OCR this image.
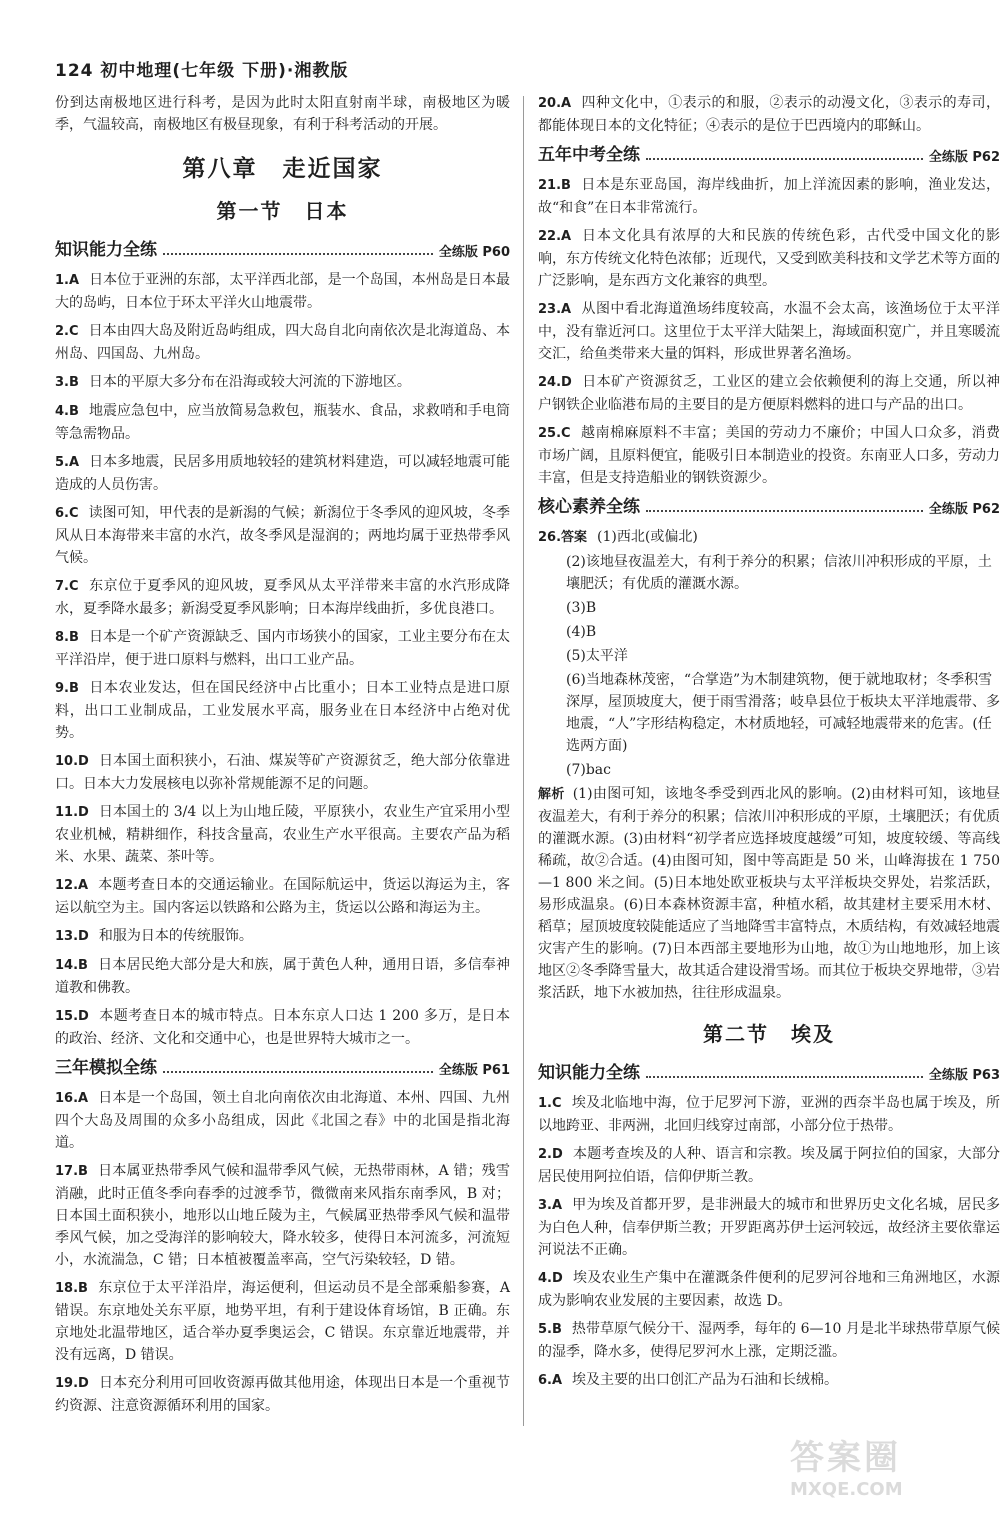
124 初中地理(七年级 下册)·湘教版

份到达南极地区进行科考，是因为此时太阳直射南半球，南极地区为暖季，气温较高，南极地区有极昼现象，有利于科考活动的开展。

第八章　走近国家
第一节　日本
知识能力全练	全练版 P60

1.A 日本位于亚洲的东部，太平洋西北部，是一个岛国，本州岛是日本最大的岛屿，日本位于环太平洋火山地震带。

2.C 日本由四大岛及附近岛屿组成，四大岛自北向南依次是北海道岛、本州岛、四国岛、九州岛。

3.B 日本的平原大多分布在沿海或较大河流的下游地区。

4.B 地震应急包中，应当放简易急救包，瓶装水、食品，求救哨和手电筒等急需物品。

5.A 日本多地震，民居多用质地较轻的建筑材料建造，可以减轻地震可能造成的人员伤害。

6.C 读图可知，甲代表的是新潟的气候；新潟位于冬季风的迎风坡，冬季风从日本海带来丰富的水汽，故冬季风是湿润的；两地均属于亚热带季风气候。

7.C 东京位于夏季风的迎风坡，夏季风从太平洋带来丰富的水汽形成降水，夏季降水最多；新潟受夏季风影响；日本海岸线曲折，多优良港口。

8.B 日本是一个矿产资源缺乏、国内市场狭小的国家，工业主要分布在太平洋沿岸，便于进口原料与燃料，出口工业产品。

9.B 日本农业发达，但在国民经济中占比重小；日本工业特点是进口原料，出口工业制成品，工业发展水平高，服务业在日本经济中占绝对优势。

10.D 日本国土面积狭小，石油、煤炭等矿产资源贫乏，绝大部分依靠进口。日本大力发展核电以弥补常规能源不足的问题。

11.D 日本国土的 3/4 以上为山地丘陵，平原狭小，农业生产宜采用小型农业机械，精耕细作，科技含量高，农业生产水平很高。主要农产品为稻米、水果、蔬菜、茶叶等。

12.A 本题考查日本的交通运输业。在国际航运中，货运以海运为主，客运以航空为主。国内客运以铁路和公路为主，货运以公路和海运为主。

13.D 和服为日本的传统服饰。

14.B 日本居民绝大部分是大和族，属于黄色人种，通用日语，多信奉神道教和佛教。

15.D 本题考查日本的城市特点。日本东京人口达 1 200 多万，是日本的政治、经济、文化和交通中心，也是世界特大城市之一。

三年模拟全练	全练版 P61

16.A 日本是一个岛国，领土自北向南依次由北海道、本州、四国、九州四个大岛及周围的众多小岛组成，因此《北国之春》中的北国是指北海道。

17.B 日本属亚热带季风气候和温带季风气候，无热带雨林，A 错；残雪消融，此时正值冬季向春季的过渡季节，微微南来风指东南季风，B 对；日本国土面积狭小，地形以山地丘陵为主，气候属亚热带季风气候和温带季风气候，加之受海洋的影响较大，降水较多，使得日本河流多，河流短小，水流湍急，C 错；日本植被覆盖率高，空气污染较轻，D 错。

18.B 东京位于太平洋沿岸，海运便利，但运动员不是全部乘船参赛，A 错误。东京地处关东平原，地势平坦，有利于建设体育场馆，B 正确。东京地处北温带地区，适合举办夏季奥运会，C 错误。东京靠近地震带，并没有远离，D 错误。

19.D 日本充分利用可回收资源再做其他用途，体现出日本是一个重视节约资源、注意资源循环利用的国家。

20.A 四种文化中，①表示的和服，②表示的动漫文化，③表示的寿司，都能体现日本的文化特征；④表示的是位于巴西境内的耶稣山。

五年中考全练	全练版 P62

21.B 日本是东亚岛国，海岸线曲折，加上洋流因素的影响，渔业发达，故“和食”在日本非常流行。

22.A 日本文化具有浓厚的大和民族的传统色彩，古代受中国文化的影响，东方传统文化特色浓郁；近现代，又受到欧美科技和文学艺术等方面的广泛影响，是东西方文化兼容的典型。

23.A 从图中看北海道渔场纬度较高，水温不会太高，该渔场位于太平洋中，没有靠近河口。这里位于太平洋大陆架上，海域面积宽广，并且寒暖流交汇，给鱼类带来大量的饵料，形成世界著名渔场。

24.D 日本矿产资源贫乏，工业区的建立会依赖便利的海上交通，所以神户钢铁企业临港布局的主要目的是方便原料燃料的进口与产品的出口。

25.C 越南棉麻原料不丰富；美国的劳动力不廉价；中国人口众多，消费市场广阔，且原料便宜，能吸引日本制造业的投资。东南亚人口多，劳动力丰富，但是支持造船业的钢铁资源少。

核心素养全练	全练版 P62
26.答案 (1)西北(或偏北)
(2)该地昼夜温差大，有利于养分的积累；信浓川冲积形成的平原，土壤肥沃；有优质的灌溉水源。
(3)B
(4)B
(5)太平洋
(6)当地森林茂密，“合掌造”为木制建筑物，便于就地取材；冬季积雪深厚，屋顶坡度大，便于雨雪滑落；岐阜县位于板块太平洋地震带、多地震，“人”字形结构稳定，木材质地轻，可减轻地震带来的危害。(任选两方面)
(7)bac
解析 (1)由图可知，该地冬季受到西北风的影响。(2)由材料可知，该地昼夜温差大，有利于养分的积累；信浓川冲积形成的平原，土壤肥沃；有优质的灌溉水源。(3)由材料“初学者应选择坡度越缓”可知，坡度较缓、等高线稀疏，故②合适。(4)由图可知，图中等高距是 50 米，山峰海拔在 1 750—1 800 米之间。(5)日本地处欧亚板块与太平洋板块交界处，岩浆活跃，易形成温泉。(6)日本森林资源丰富，种植水稻，故其建材主要采用木材、稻草；屋顶坡度较陡能适应了当地降雪丰富特点，木质结构，有效减轻地震灾害产生的影响。(7)日本西部主要地形为山地，故①为山地地形，加上该地区②冬季降雪量大，故其适合建设滑雪场。而其位于板块交界地带，③岩浆活跃，地下水被加热，往往形成温泉。
第二节　埃及
知识能力全练	全练版 P63

1.C 埃及北临地中海，位于尼罗河下游，亚洲的西奈半岛也属于埃及，所以地跨亚、非两洲，北回归线穿过南部，小部分位于热带。

2.D 本题考查埃及的人种、语言和宗教。埃及属于阿拉伯的国家，大部分居民使用阿拉伯语，信仰伊斯兰教。

3.A 甲为埃及首都开罗，是非洲最大的城市和世界历史文化名城，居民多为白色人种，信奉伊斯兰教；开罗距离苏伊士运河较远，故经济主要依靠运河说法不正确。

4.D 埃及农业生产集中在灌溉条件便利的尼罗河谷地和三角洲地区，水源成为影响农业发展的主要因素，故选 D。

5.B 热带草原气候分干、湿两季，每年的 6—10 月是北半球热带草原气候的湿季，降水多，使得尼罗河水上涨，定期泛滥。

6.A 埃及主要的出口创汇产品为石油和长绒棉。

答案圈
MXQE.COM
